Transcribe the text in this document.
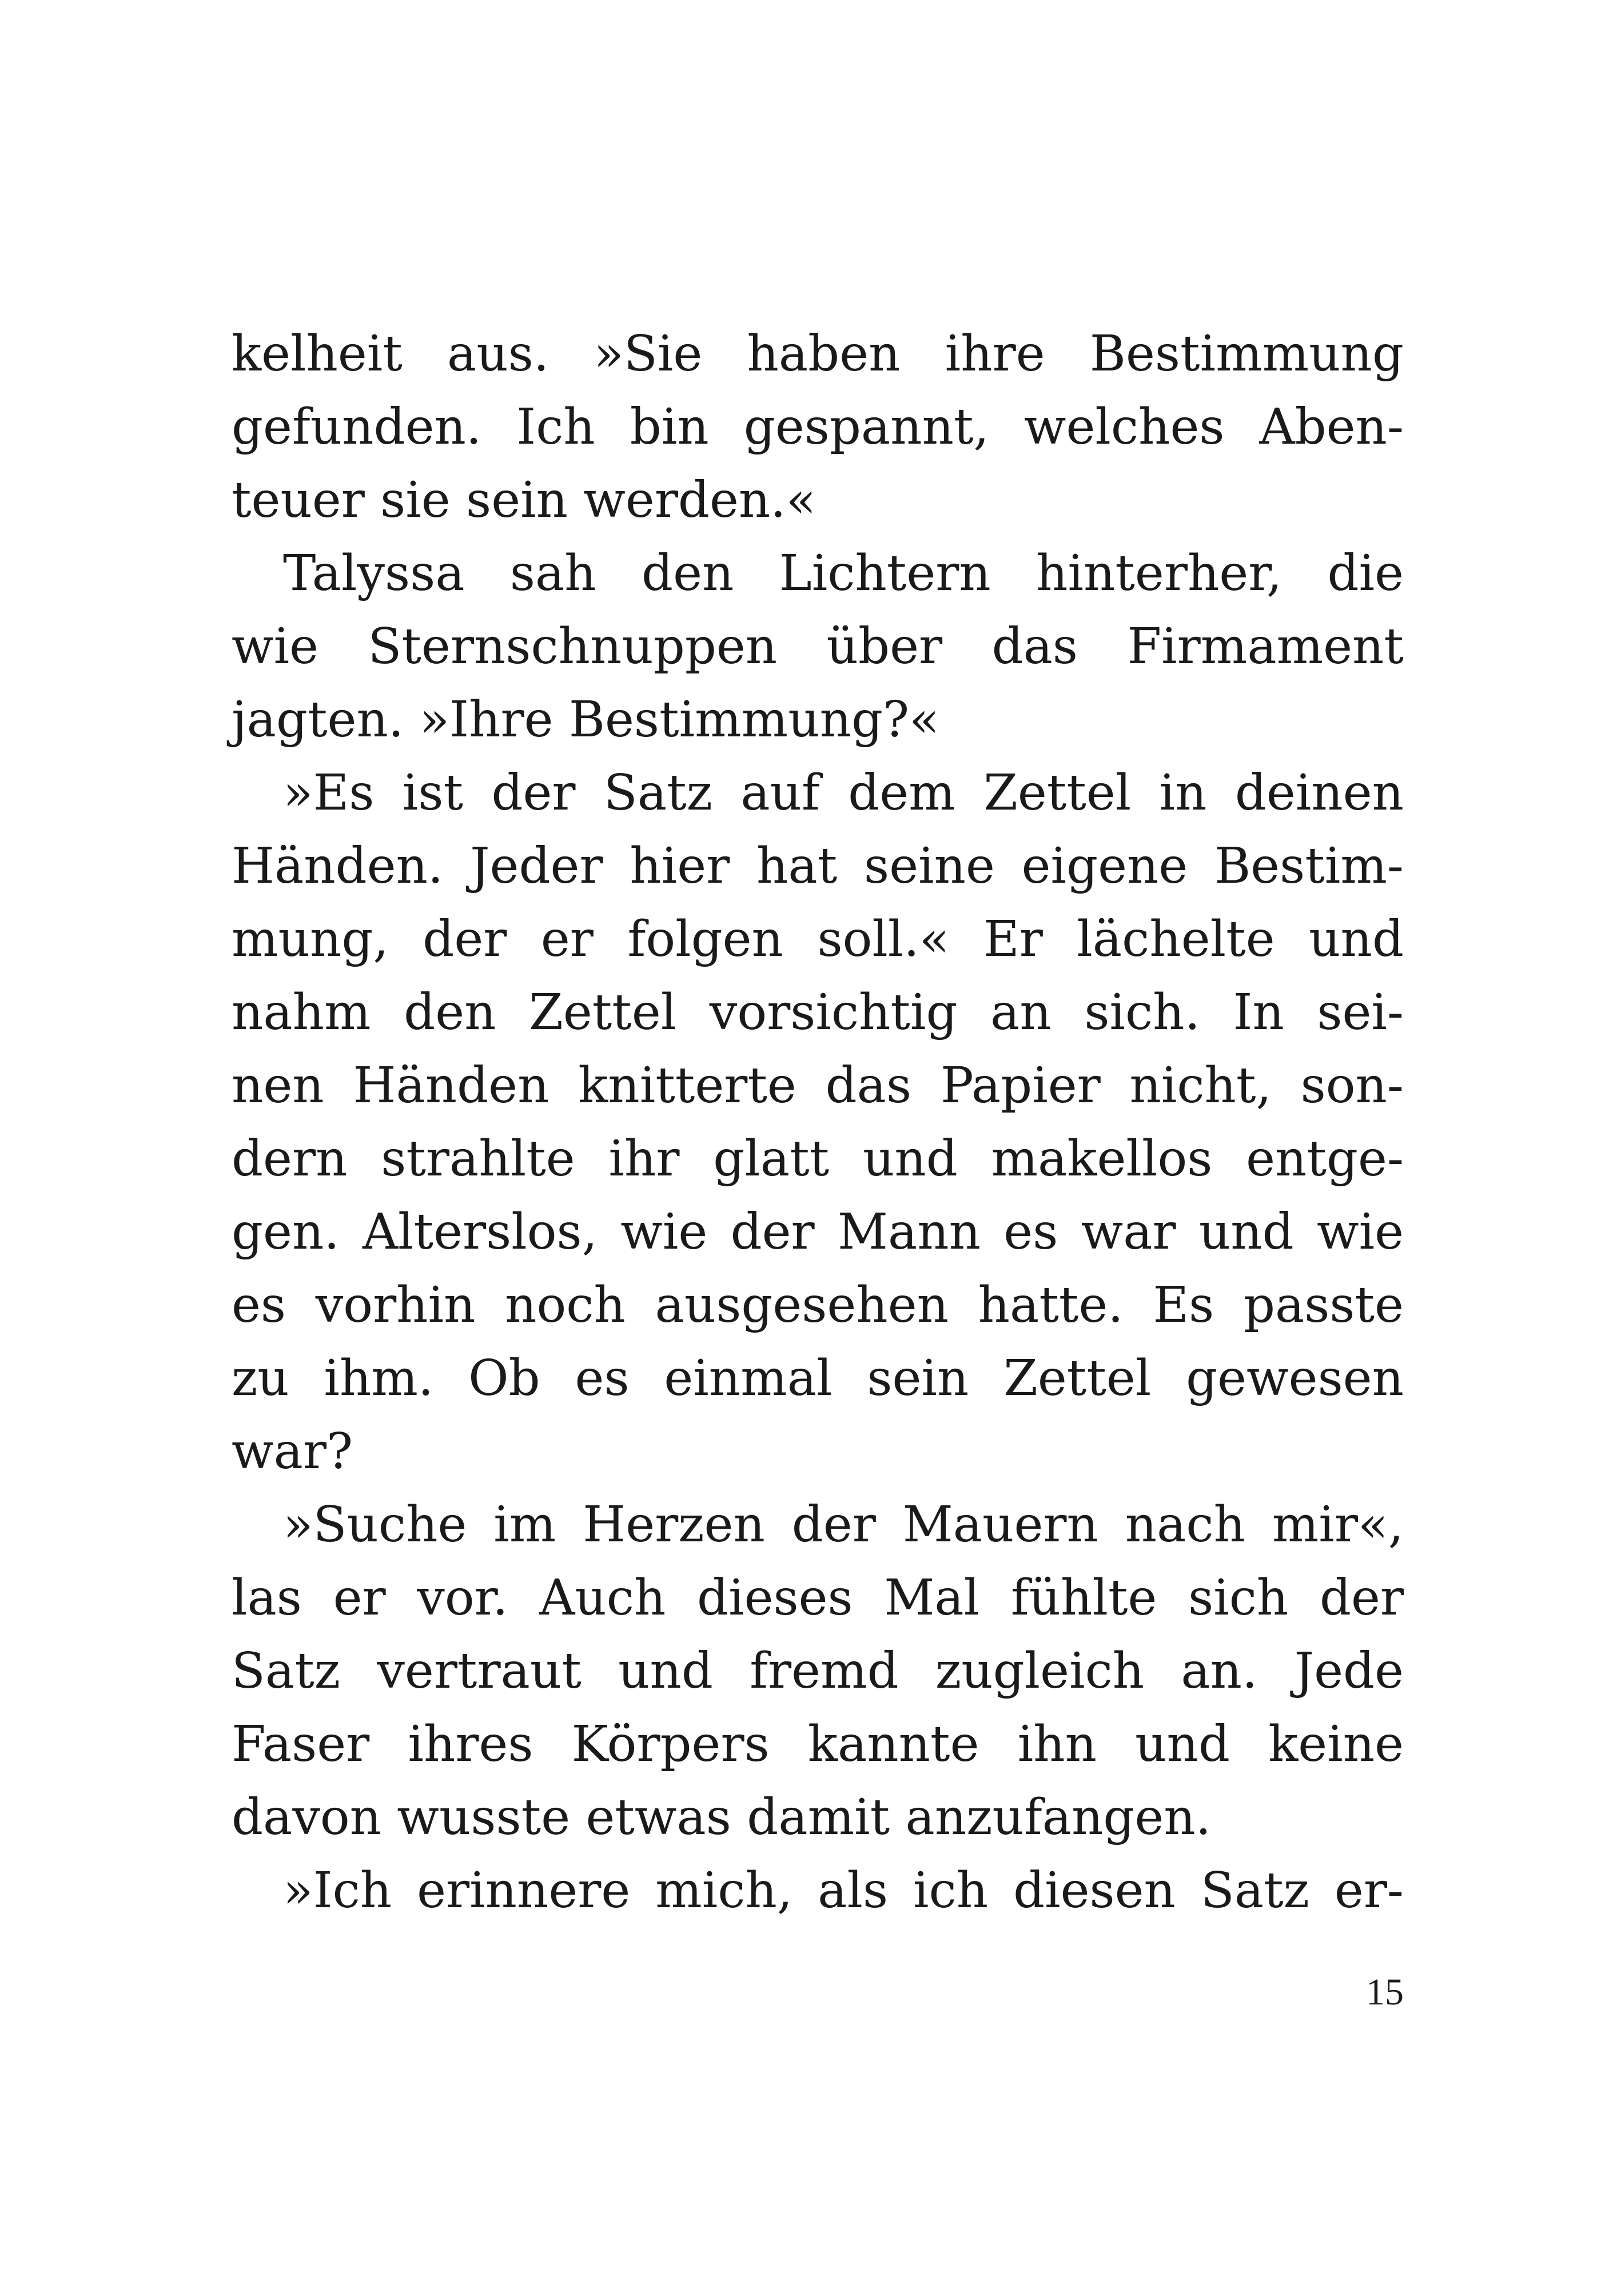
kelheit aus. »Sie haben ihre Bestimmung
gefunden. Ich bin gespannt, welches Aben-
teuer sie sein werden.«
Talyssa sah den Lichtern hinterher, die
wie Sternschnuppen über das Firmament
jagten. »Ihre Bestimmung?«
»Es ist der Satz auf dem Zettel in deinen
Händen. Jeder hier hat seine eigene Bestim-
mung, der er folgen soll.« Er lächelte und
nahm den Zettel vorsichtig an sich. In sei-
nen Händen knitterte das Papier nicht, son-
dern strahlte ihr glatt und makellos entge-
gen. Alterslos, wie der Mann es war und wie
es vorhin noch ausgesehen hatte. Es passte
zu ihm. Ob es einmal sein Zettel gewesen
war?
»Suche im Herzen der Mauern nach mir«,
las er vor. Auch dieses Mal fühlte sich der
Satz vertraut und fremd zugleich an. Jede
Faser ihres Körpers kannte ihn und keine
davon wusste etwas damit anzufangen.
»Ich erinnere mich, als ich diesen Satz er-
15
